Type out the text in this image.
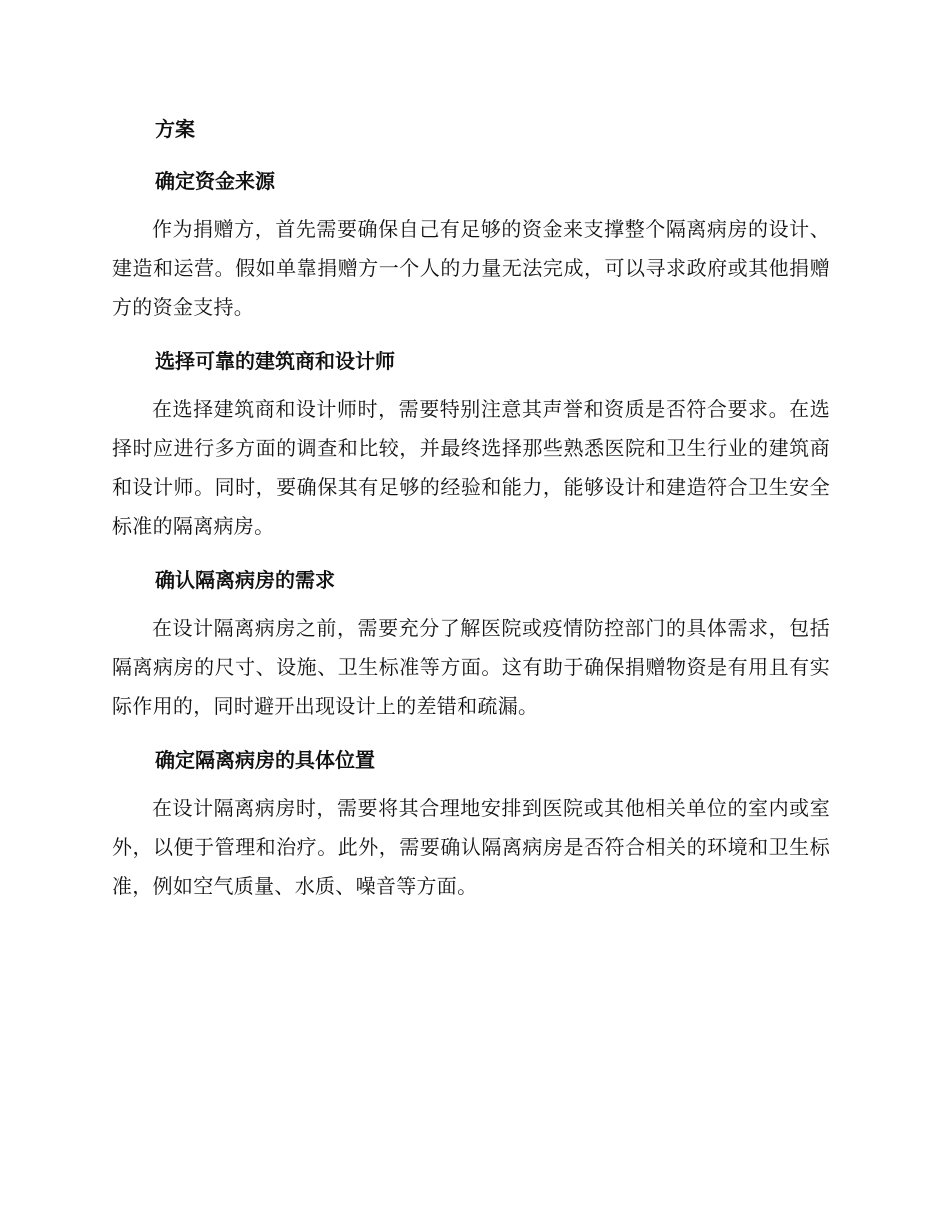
方案
确定资金来源

作为捐赠方，首先需要确保自己有足够的资金来支撑整个隔离病房的设计、建造和运营。假如单靠捐赠方一个人的力量无法完成，可以寻求政府或其他捐赠方的资金支持。

选择可靠的建筑商和设计师

在选择建筑商和设计师时，需要特别注意其声誉和资质是否符合要求。在选择时应进行多方面的调查和比较，并最终选择那些熟悉医院和卫生行业的建筑商和设计师。同时，要确保其有足够的经验和能力，能够设计和建造符合卫生安全标准的隔离病房。

确认隔离病房的需求

在设计隔离病房之前，需要充分了解医院或疫情防控部门的具体需求，包括隔离病房的尺寸、设施、卫生标准等方面。这有助于确保捐赠物资是有用且有实际作用的，同时避开出现设计上的差错和疏漏。

确定隔离病房的具体位置

在设计隔离病房时，需要将其合理地安排到医院或其他相关单位的室内或室外，以便于管理和治疗。此外，需要确认隔离病房是否符合相关的环境和卫生标准，例如空气质量、水质、噪音等方面。
